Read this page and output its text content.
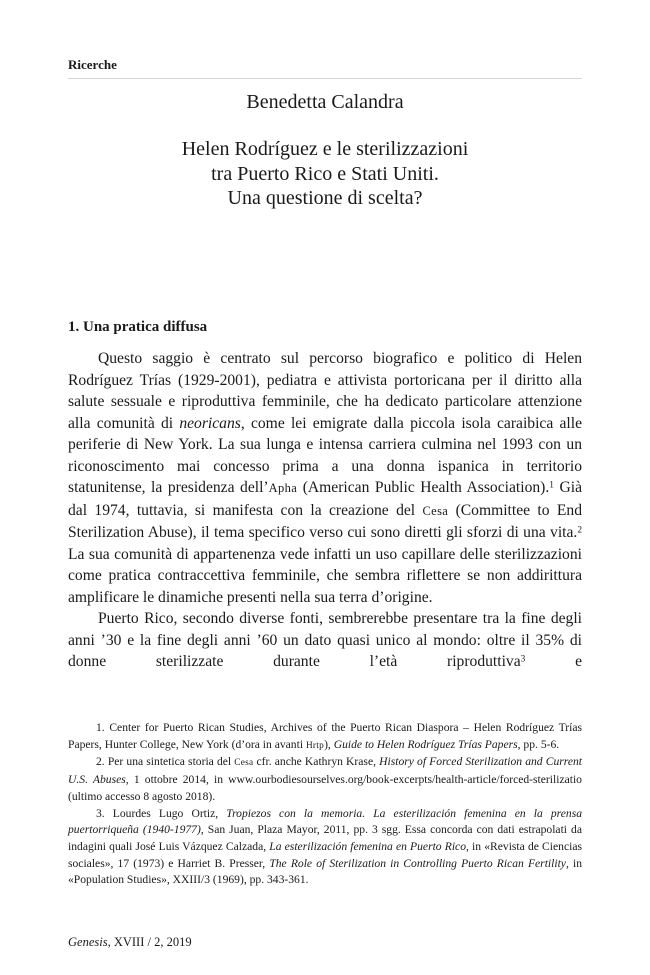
Ricerche
Benedetta Calandra
Helen Rodríguez e le sterilizzazioni
tra Puerto Rico e Stati Uniti.
Una questione di scelta?
1. Una pratica diffusa

Questo saggio è centrato sul percorso biografico e politico di Helen Rodríguez Trías (1929-2001), pediatra e attivista portoricana per il diritto alla salute sessuale e riproduttiva femminile, che ha dedicato particolare attenzione alla comunità di neoricans, come lei emigrate dalla piccola isola caraibica alle periferie di New York. La sua lunga e intensa carriera culmina nel 1993 con un riconoscimento mai concesso prima a una donna ispanica in territorio statunitense, la presidenza dell’Apha (American Public Health Association).$^1$ Già dal 1974, tuttavia, si manifesta con la creazione del Cesa (Committee to End Sterilization Abuse), il tema specifico verso cui sono diretti gli sforzi di una vita.$^2$ La sua comunità di appartenenza vede infatti un uso capillare delle sterilizzazioni come pratica contraccettiva femminile, che sembra riflettere se non addirittura amplificare le dinamiche presenti nella sua terra d’origine.

Puerto Rico, secondo diverse fonti, sembrerebbe presentare tra la fine degli anni ’30 e la fine degli anni ’60 un dato quasi unico al mondo: oltre il 35% di donne sterilizzate durante l’età riproduttiva$^3$ e

1. Center for Puerto Rican Studies, Archives of the Puerto Rican Diaspora – Helen Rodríguez Trías Papers, Hunter College, New York (d’ora in avanti Hrtp), Guide to Helen Rodríguez Trías Papers, pp. 5-6.

2. Per una sintetica storia del Cesa cfr. anche Kathryn Krase, History of Forced Sterilization and Current U.S. Abuses, 1 ottobre 2014, in www.ourbodiesourselves.org/book-excerpts/health-article/forced-sterilizatio (ultimo accesso 8 agosto 2018).

3. Lourdes Lugo Ortiz, Tropiezos con la memoria. La esterilización femenina en la prensa puertorriqueña (1940-1977), San Juan, Plaza Mayor, 2011, pp. 3 sgg. Essa concorda con dati estrapolati da indagini quali José Luis Vázquez Calzada, La esterilización femenina en Puerto Rico, in «Revista de Ciencias sociales», 17 (1973) e Harriet B. Presser, The Role of Sterilization in Controlling Puerto Rican Fertility, in «Population Studies», XXIII/3 (1969), pp. 343-361.

Genesis, XVIII / 2, 2019
